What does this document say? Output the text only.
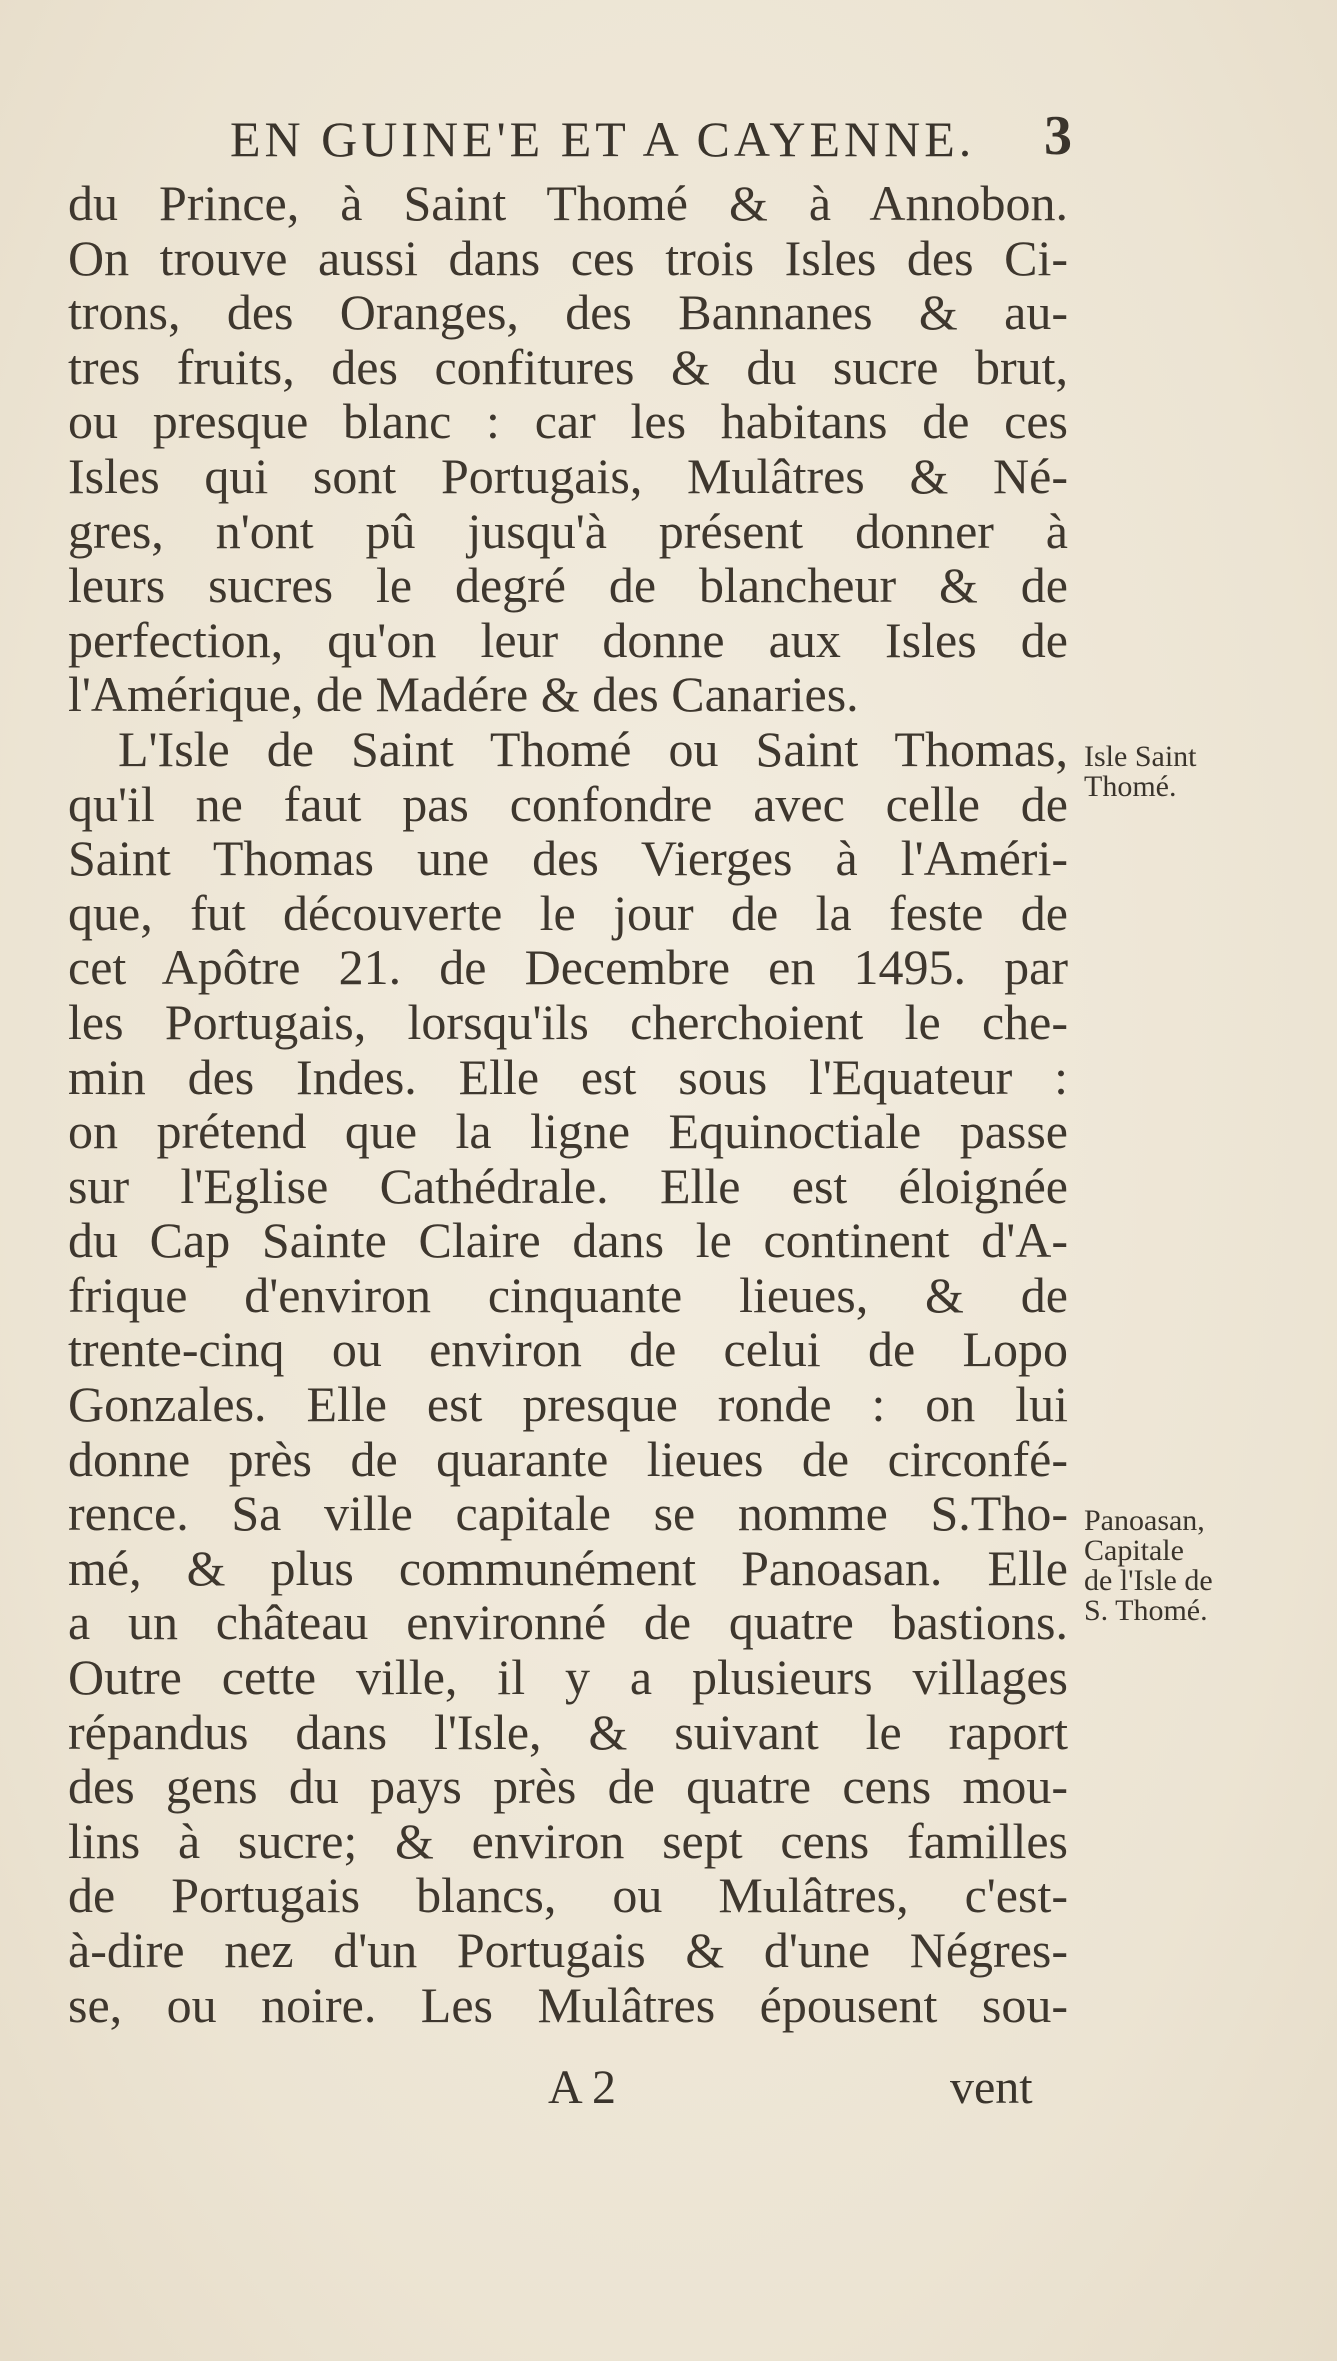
EN GUINE'E ET A CAYENNE. 3
du Prince, à Saint Thomé & à Annobon.
On trouve aussi dans ces trois Isles des Ci-
trons, des Oranges, des Bannanes & au-
tres fruits, des confitures & du sucre brut,
ou presque blanc : car les habitans de ces
Isles qui sont Portugais, Mulâtres & Né-
gres, n'ont pû jusqu'à présent donner à
leurs sucres le degré de blancheur & de
perfection, qu'on leur donne aux Isles de
l'Amérique, de Madére & des Canaries.
L'Isle de Saint Thomé ou Saint Thomas,
qu'il ne faut pas confondre avec celle de
Saint Thomas une des Vierges à l'Améri-
que, fut découverte le jour de la feste de
cet Apôtre 21. de Decembre en 1495. par
les Portugais, lorsqu'ils cherchoient le che-
min des Indes. Elle est sous l'Equateur :
on prétend que la ligne Equinoctiale passe
sur l'Eglise Cathédrale. Elle est éloignée
du Cap Sainte Claire dans le continent d'A-
frique d'environ cinquante lieues, & de
trente-cinq ou environ de celui de Lopo
Gonzales. Elle est presque ronde : on lui
donne près de quarante lieues de circonfé-
rence. Sa ville capitale se nomme S.Tho-
mé, & plus communément Panoasan. Elle
a un château environné de quatre bastions.
Outre cette ville, il y a plusieurs villages
répandus dans l'Isle, & suivant le raport
des gens du pays près de quatre cens mou-
lins à sucre; & environ sept cens familles
de Portugais blancs, ou Mulâtres, c'est-
à-dire nez d'un Portugais & d'une Négres-
se, ou noire. Les Mulâtres épousent sou-
Isle Saint
Thomé.
Panoasan,
Capitale
de l'Isle de
S. Thomé.
A 2	vent
